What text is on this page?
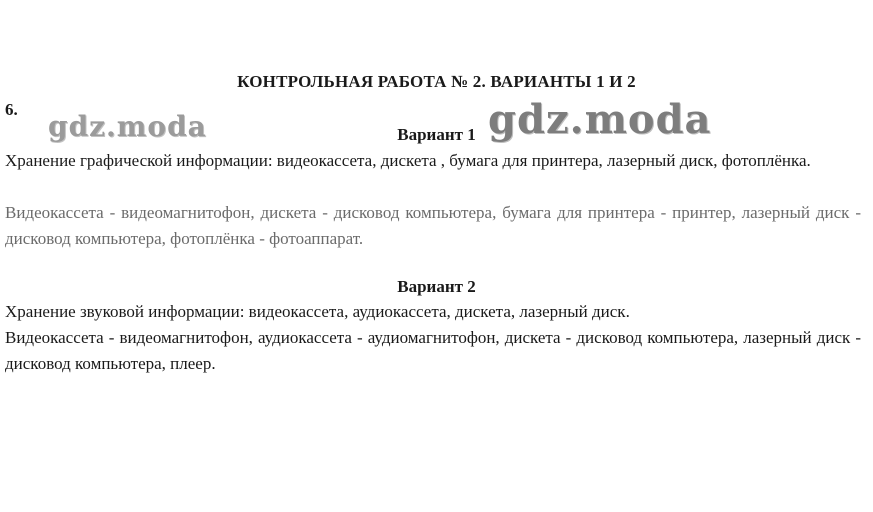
КОНТРОЛЬНАЯ РАБОТА № 2. ВАРИАНТЫ 1 И 2
6.
gdz.moda	Вариант 1 gdz.moda

Хранение графической информации: видеокассета, дискета , бумага для принтера, лазерный диск, фотоплёнка.

Видеокассета - видеомагнитофон, дискета - дисковод компьютера, бумага для принтера - принтер, лазерный диск - дисковод компьютера, фотоплёнка - фотоаппарат.

Вариант 2

Хранение звуковой информации: видеокассета, аудиокассета, дискета, лазерный диск.

Видеокассета - видеомагнитофон, аудиокассета - аудиомагнитофон, дискета - дисковод компьютера, лазерный диск - дисковод компьютера, плеер.
